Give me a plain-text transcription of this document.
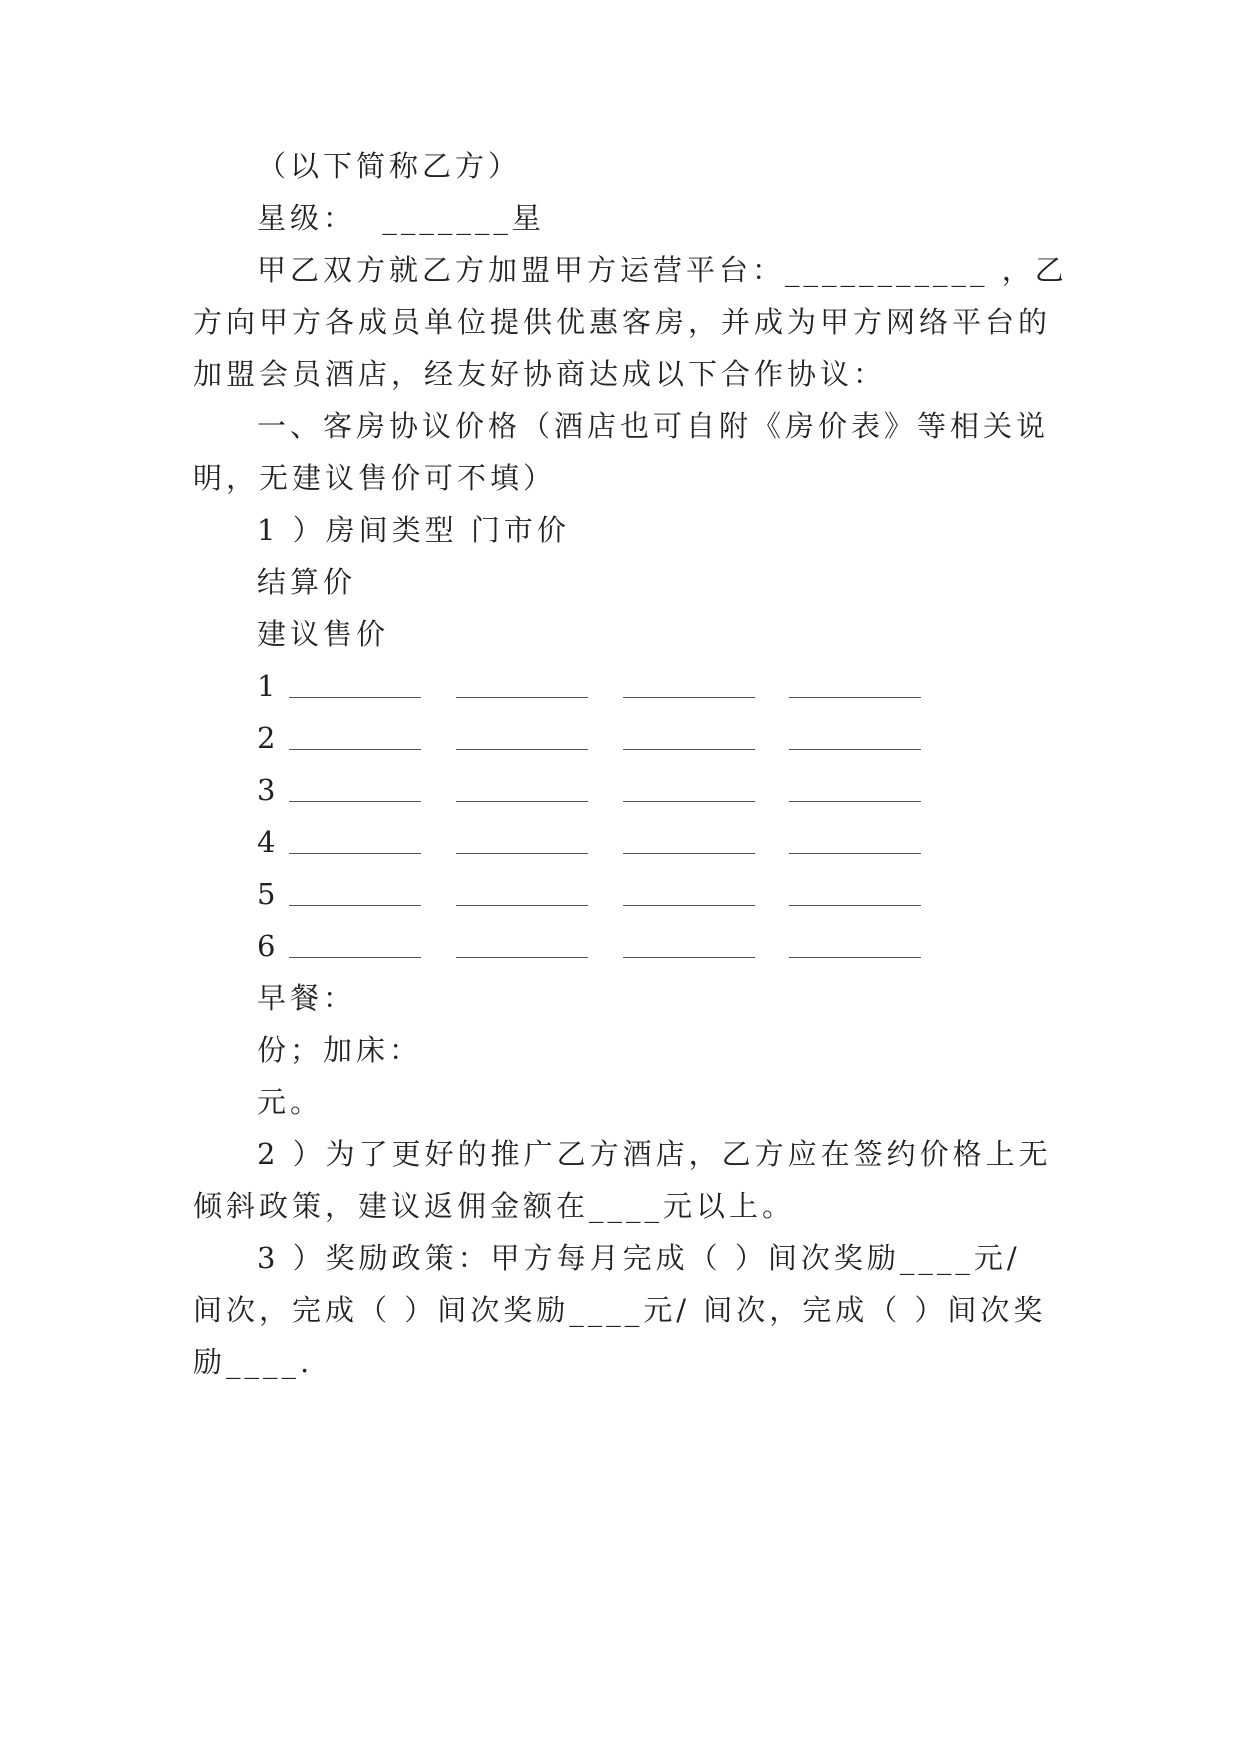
（以下简称乙方）
星级：  _______星
甲乙双方就乙方加盟甲方运营平台：___________ ，乙
方向甲方各成员单位提供优惠客房，并成为甲方网络平台的
加盟会员酒店，经友好协商达成以下合作协议：
一、客房协议价格（酒店也可自附《房价表》等相关说
明，无建议售价可不填）
1 ）房间类型 门市价
结算价
建议售价

1

2

3

4

5

6

早餐：
份；加床：
元。
2 ）为了更好的推广乙方酒店，乙方应在签约价格上无
倾斜政策，建议返佣金额在____元以上。
3 ）奖励政策：甲方每月完成（ ）间次奖励____元/
间次，完成（ ）间次奖励____元/ 间次，完成（ ）间次奖
励____.
